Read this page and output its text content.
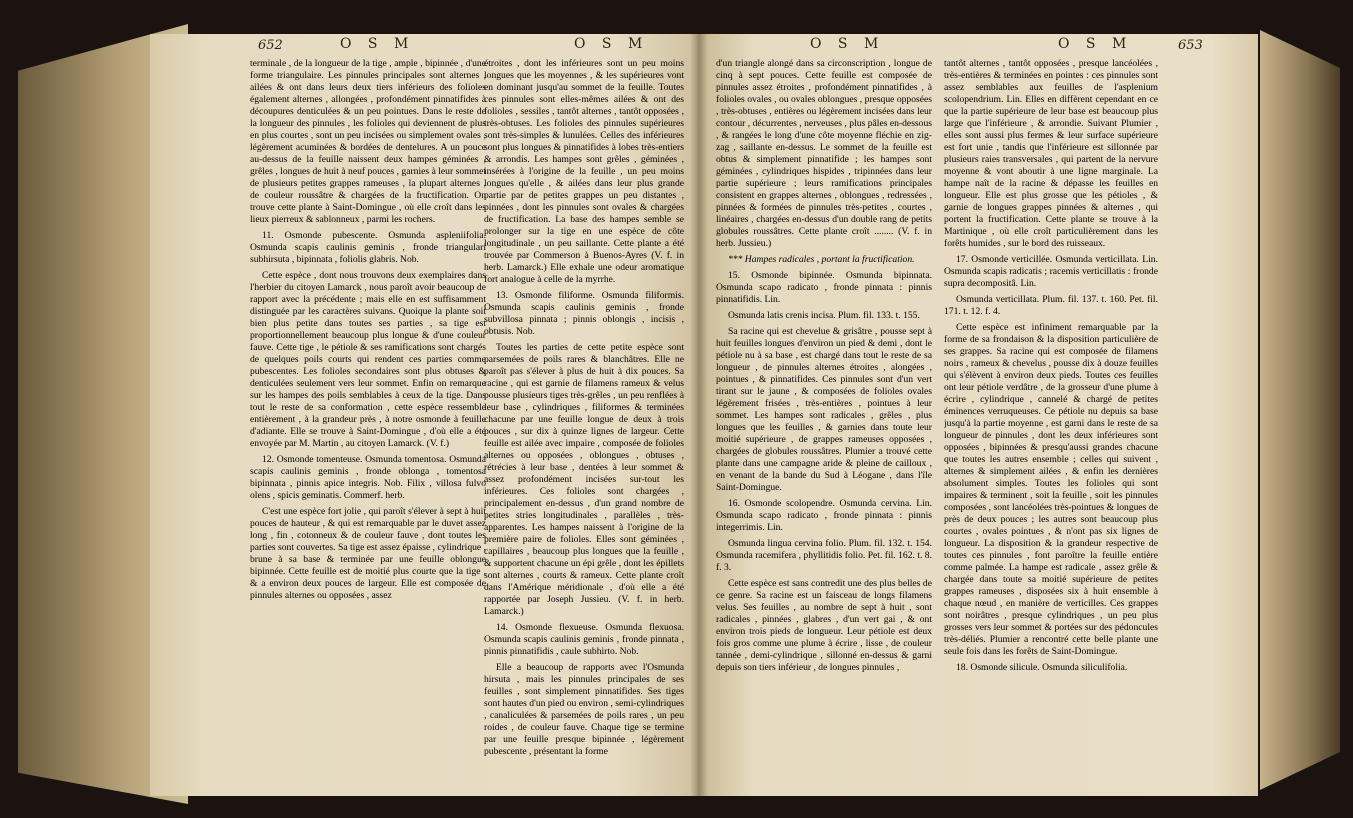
652	O S M	O S M	O S M	O S M	653

terminale , de la longueur de la tige , ample , bipinnée , d'une forme triangulaire. Les pinnules principales sont alternes , ailées & ont dans leurs deux tiers inférieurs des folioles également alternes , allongées , profondément pinnatifides à découpures denticulées & un peu pointues. Dans le reste de la longueur des pinnules , les folioles qui deviennent de plus en plus courtes , sont un peu incisées ou simplement ovales , légèrement acuminées & bordées de dentelures. A un pouce au-dessus de la feuille naissent deux hampes géminées , grêles , longues de huit à neuf pouces , garnies à leur sommet de plusieurs petites grappes rameuses , la plupart alternes , de couleur roussâtre & chargées de la fructification. On trouve cette plante à Saint-Domingue , où elle croît dans les lieux pierreux & sablonneux , parmi les rochers.

11. Osmonde pubescente. Osmunda aspleniifolia. Osmunda scapis caulinis geminis , fronde triangulari subhirsuta , bipinnata , foliolis glabris. Nob.

Cette espèce , dont nous trouvons deux exemplaires dans l'herbier du citoyen Lamarck , nous paroît avoir beaucoup de rapport avec la précédente ; mais elle en est suffisamment distinguée par les caractères suivans. Quoique la plante soit bien plus petite dans toutes ses parties , sa tige est proportionnellement beaucoup plus longue & d'une couleur fauve. Cette tige , le pétiole & ses ramifications sont chargés de quelques poils courts qui rendent ces parties comme pubescentes. Les folioles secondaires sont plus obtuses & denticulées seulement vers leur sommet. Enfin on remarque sur les hampes des poils semblables à ceux de la tige. Dans tout le reste de sa conformation , cette espèce ressemble entièrement , à la grandeur près , à notre osmonde à feuille d'adiante. Elle se trouve à Saint-Domingue , d'où elle a été envoyée par M. Martin , au citoyen Lamarck. (V. f.)

12. Osmonde tomenteuse. Osmunda tomentosa. Osmunda scapis caulinis geminis , fronde oblonga , tomentosa bipinnata , pinnis apice integris. Nob. Filix , villosa fulvo olens , spicis geminatis. Commerf. herb.

C'est une espèce fort jolie , qui paroît s'élever à sept à huit pouces de hauteur , & qui est remarquable par le duvet assez long , fin , cotonneux & de couleur fauve , dont toutes les parties sont couvertes. Sa tige est assez épaisse , cylindrique , brune à sa base & terminée par une feuille oblongue bipinnée. Cette feuille est de moitié plus courte que la tige , & a environ deux pouces de largeur. Elle est composée de pinnules alternes ou opposées , assez

étroites , dont les inférieures sont un peu moins longues que les moyennes , & les supérieures vont en dominant jusqu'au sommet de la feuille. Toutes ces pinnules sont elles-mêmes ailées & ont des folioles , sessiles , tantôt alternes , tantôt opposées , très-obtuses. Les folioles des pinnules supérieures sont très-simples & lunulées. Celles des inférieures sont plus longues & pinnatifides à lobes très-entiers & arrondis. Les hampes sont grêles , géminées , insérées à l'origine de la feuille , un peu moins longues qu'elle , & ailées dans leur plus grande partie par de petites grappes un peu distantes , pinnées , dont les pinnules sont ovales & chargées de fructification. La base des hampes semble se prolonger sur la tige en une espèce de côte longitudinale , un peu saillante. Cette plante a été trouvée par Commerson à Buenos-Ayres (V. f. in herb. Lamarck.) Elle exhale une odeur aromatique fort analogue à celle de la myrrhe.

13. Osmonde filiforme. Osmunda filiformis. Osmunda scapis caulinis geminis , fronde subvillosa pinnata ; pinnis oblongis , incisis , obtusis. Nob.

Toutes les parties de cette petite espèce sont parsemées de poils rares & blanchâtres. Elle ne paroît pas s'élever à plus de huit à dix pouces. Sa racine , qui est garnie de filamens rameux & velus pousse plusieurs tiges très-grêles , un peu renflées à leur base , cylindriques , filiformes & terminées chacune par une feuille longue de deux à trois pouces , sur dix à quinze lignes de largeur. Cette feuille est ailée avec impaire , composée de folioles alternes ou opposées , oblongues , obtuses , rétrécies à leur base , dentées à leur sommet & assez profondément incisées sur-tout les inférieures. Ces folioles sont chargées , principalement en-dessus , d'un grand nombre de petites stries longitudinales , parallèles , très-apparentes. Les hampes naissent à l'origine de la première paire de folioles. Elles sont géminées , capillaires , beaucoup plus longues que la feuille , & supportent chacune un épi grêle , dont les épillets sont alternes , courts & rameux. Cette plante croît dans l'Amérique méridionale , d'où elle a été rapportée par Joseph Jussieu. (V. f. in herb. Lamarck.)

14. Osmonde flexueuse. Osmunda flexuosa. Osmunda scapis caulinis geminis , fronde pinnata , pinnis pinnatifidis , caule subhirto. Nob.

Elle a beaucoup de rapports avec l'Osmunda hirsuta , mais les pinnules principales de ses feuilles , sont simplement pinnatifides. Ses tiges sont hautes d'un pied ou environ , semi-cylindriques , canaliculées & parsemées de poils rares , un peu roides , de couleur fauve. Chaque tige se termine par une feuille presque bipinnée , légèrement pubescente , présentant la forme

d'un triangle alongé dans sa circonscription , longue de cinq à sept pouces. Cette feuille est composée de pinnules assez étroites , profondément pinnatifides , à folioles ovales , ou ovales oblongues , presque opposées , très-obtuses , entières ou légèrement incisées dans leur contour , décurrentes , nerveuses , plus pâles en-dessous , & rangées le long d'une côte moyenne fléchie en zig-zag , saillante en-dessus. Le sommet de la feuille est obtus & simplement pinnatifide ; les hampes sont géminées , cylindriques hispides , tripinnées dans leur partie supérieure ; leurs ramifications principales consistent en grappes alternes , oblongues , redressées , pinnées & formées de pinnules très-petites , courtes , linéaires , chargées en-dessus d'un double rang de petits globules roussâtres. Cette plante croît ........ (V. f. in herb. Jussieu.)

*** Hampes radicales , portant la fructification.

15. Osmonde bipinnée. Osmunda bipinnata. Osmunda scapo radicato , fronde pinnata : pinnis pinnatifidis. Lin.

Osmunda latis crenis incisa. Plum. fil. 133. t. 155.

Sa racine qui est chevelue & grisâtre , pousse sept à huit feuilles longues d'environ un pied & demi , dont le pétiole nu à sa base , est chargé dans tout le reste de sa longueur , de pinnules alternes étroites , alongées , pointues , & pinnatifides. Ces pinnules sont d'un vert tirant sur le jaune , & composées de folioles ovales légèrement frisées , très-entières , pointues à leur sommet. Les hampes sont radicales , grêles , plus longues que les feuilles , & garnies dans toute leur moitié supérieure , de grappes rameuses opposées , chargées de globules roussâtres. Plumier a trouvé cette plante dans une campagne aride & pleine de cailloux , en venant de la bande du Sud à Léogane , dans l'île Saint-Domingue.

16. Osmonde scolopendre. Osmunda cervina. Lin. Osmunda scapo radicato , fronde pinnata : pinnis integerrimis. Lin.

Osmunda lingua cervina folio. Plum. fil. 132. t. 154. Osmunda racemifera , phyllitidis folio. Pet. fil. 162. t. 8. f. 3.

Cette espèce est sans contredit une des plus belles de ce genre. Sa racine est un faisceau de longs filamens velus. Ses feuilles , au nombre de sept à huit , sont radicales , pinnées , glabres , d'un vert gai , & ont environ trois pieds de longueur. Leur pétiole est deux fois gros comme une plume à écrire , lisse , de couleur tannée , demi-cylindrique , sillonné en-dessus & garni depuis son tiers inférieur , de longues pinnules ,

tantôt alternes , tantôt opposées , presque lancéolées , très-entières & terminées en pointes : ces pinnules sont assez semblables aux feuilles de l'asplenium scolopendrium. Lin. Elles en diffèrent cependant en ce que la partie supérieure de leur base est beaucoup plus large que l'inférieure , & arrondie. Suivant Plumier , elles sont aussi plus fermes & leur surface supérieure est fort unie , tandis que l'inférieure est sillonnée par plusieurs raies transversales , qui partent de la nervure moyenne & vont aboutir à une ligne marginale. La hampe naît de la racine & dépasse les feuilles en longueur. Elle est plus grosse que les pétioles , & garnie de longues grappes pinnées & alternes , qui portent la fructification. Cette plante se trouve à la Martinique , où elle croît particulièrement dans les forêts humides , sur le bord des ruisseaux.

17. Osmonde verticillée. Osmunda verticillata. Lin. Osmunda scapis radicatis ; racemis verticillatis : fronde supra decompositâ. Lin.

Osmunda verticillata. Plum. fil. 137. t. 160. Pet. fil. 171. t. 12. f. 4.

Cette espèce est infiniment remarquable par la forme de sa frondaison & la disposition particulière de ses grappes. Sa racine qui est composée de filamens noirs , rameux & chevelus , pousse dix à douze feuilles qui s'élèvent à environ deux pieds. Toutes ces feuilles ont leur pétiole verdâtre , de la grosseur d'une plume à écrire , cylindrique , cannelé & chargé de petites éminences verruqueuses. Ce pétiole nu depuis sa base jusqu'à la partie moyenne , est garni dans le reste de sa longueur de pinnules , dont les deux inférieures sont opposées , bipinnées & presqu'aussi grandes chacune que toutes les autres ensemble ; celles qui suivent , alternes & simplement ailées , & enfin les dernières absolument simples. Toutes les folioles qui sont impaires & terminent , soit la feuille , soit les pinnules composées , sont lancéolées très-pointues & longues de près de deux pouces ; les autres sont beaucoup plus courtes , ovales pointues , & n'ont pas six lignes de longueur. La disposition & la grandeur respective de toutes ces pinnules , font paroître la feuille entière comme palmée. La hampe est radicale , assez grêle & chargée dans toute sa moitié supérieure de petites grappes rameuses , disposées six à huit ensemble à chaque nœud , en manière de verticilles. Ces grappes sont noirâtres , presque cylindriques , un peu plus grosses vers leur sommet & portées sur des pédoncules très-déliés. Plumier a rencontré cette belle plante une seule fois dans les forêts de Saint-Domingue.

18. Osmonde silicule. Osmunda siliculifolia.
